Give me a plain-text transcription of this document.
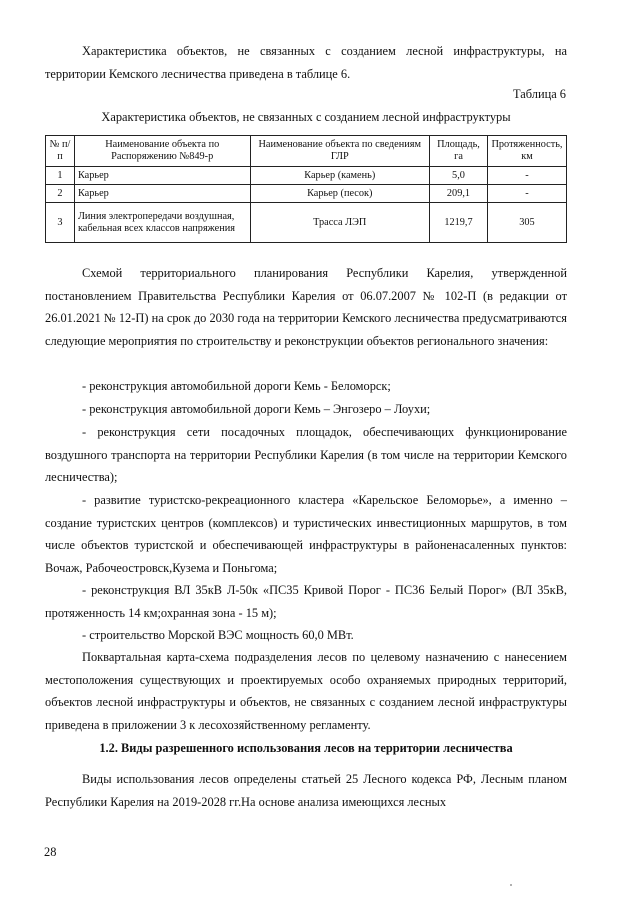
Характеристика объектов, не связанных с созданием лесной инфраструктуры, на территории Кемского лесничества приведена в таблице 6.

Таблица 6
Характеристика объектов, не связанных с созданием лесной инфраструктуры
№ п/п	Наименование объекта по Распоряжению №849-р	Наименование объекта по сведениям ГЛР	Площадь, га	Протяженность, км
1	Карьер	Карьер (камень)	5,0	-
2	Карьер	Карьер (песок)	209,1	-
3	Линия электропередачи воздушная, кабельная всех классов напряжения	Трасса ЛЭП	1219,7	305

Схемой территориального планирования Республики Карелия, утвержденной постановлением Правительства Республики Карелия от 06.07.2007 № 102-П (в редакции от 26.01.2021 № 12-П) на срок до 2030 года на территории Кемского лесничества предусматриваются следующие мероприятия по строительству и реконструкции объектов регионального значения:

- реконструкция автомобильной дороги Кемь - Беломорск;

- реконструкция автомобильной дороги Кемь – Энгозеро – Лоухи;

- реконструкция сети посадочных площадок, обеспечивающих функционирование воздушного транспорта на территории Республики Карелия (в том числе на территории Кемского лесничества);

- развитие туристско-рекреационного кластера «Карельское Беломорье», а именно – создание туристских центров (комплексов) и туристических инвестиционных маршрутов, в том числе объектов туристской и обеспечивающей инфраструктуры в районенасаленных пунктов: Вочаж, Рабочеостровск,Кузема и Поньгома;

- реконструкция ВЛ 35кВ Л-50к «ПС35 Кривой Порог - ПС36 Белый Порог» (ВЛ 35кВ, протяженность 14 км;охранная зона - 15 м);

- строительство Морской ВЭС мощность 60,0 МВт.

Поквартальная карта-схема подразделения лесов по целевому назначению с нанесением местоположения существующих и проектируемых особо охраняемых природных территорий, объектов лесной инфраструктуры и объектов, не связанных с созданием лесной инфраструктуры приведена в приложении 3 к лесохозяйственному регламенту.

1.2. Виды разрешенного использования лесов на территории лесничества

Виды использования лесов определены статьей 25 Лесного кодекса РФ, Лесным планом Республики Карелия на 2019-2028 гг.На основе анализа имеющихся лесных

28
